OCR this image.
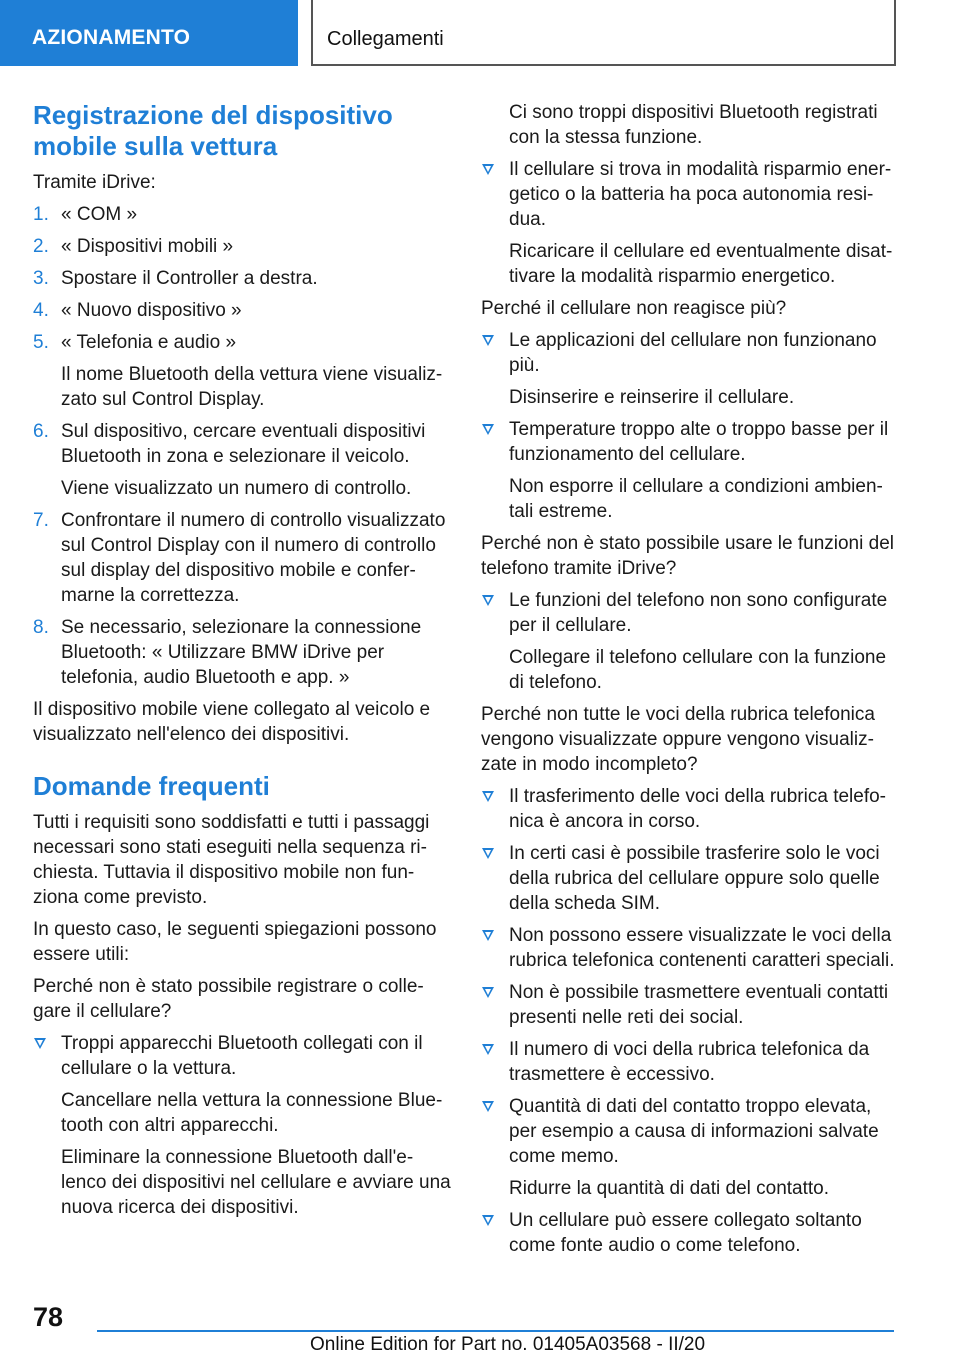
AZIONAMENTO	Collegamenti
Registrazione del dispositivo mobile sulla vettura

Tramite iDrive:

1. « COM »
2. « Dispositivi mobili »
3. Spostare il Controller a destra.
4. « Nuovo dispositivo »
5. « Telefonia e audio »
Il nome Bluetooth della vettura viene visualiz-zato sul Control Display.
6. Sul dispositivo, cercare eventuali dispositivi Bluetooth in zona e selezionare il veicolo.
Viene visualizzato un numero di controllo.
7. Confrontare il numero di controllo visualizzato sul Control Display con il numero di controllo sul display del dispositivo mobile e confer-marne la correttezza.
8. Se necessario, selezionare la connessione Bluetooth: « Utilizzare BMW iDrive per telefonia, audio Bluetooth e app. »

Il dispositivo mobile viene collegato al veicolo e visualizzato nell'elenco dei dispositivi.

Domande frequenti

Tutti i requisiti sono soddisfatti e tutti i passaggi necessari sono stati eseguiti nella sequenza ri-chiesta. Tuttavia il dispositivo mobile non fun-ziona come previsto.

In questo caso, le seguenti spiegazioni possono essere utili:

Perché non è stato possibile registrare o colle-gare il cellulare?

Troppi apparecchi Bluetooth collegati con il cellulare o la vettura.
Cancellare nella vettura la connessione Blue-tooth con altri apparecchi.
Eliminare la connessione Bluetooth dall'e-lenco dei dispositivi nel cellulare e avviare una nuova ricerca dei dispositivi.

Ci sono troppi dispositivi Bluetooth registrati con la stessa funzione.

Il cellulare si trova in modalità risparmio ener-getico o la batteria ha poca autonomia resi-dua.
Ricaricare il cellulare ed eventualmente disat-tivare la modalità risparmio energetico.

Perché il cellulare non reagisce più?

Le applicazioni del cellulare non funzionano più.
Disinserire e reinserire il cellulare.
Temperature troppo alte o troppo basse per il funzionamento del cellulare.
Non esporre il cellulare a condizioni ambien-tali estreme.

Perché non è stato possibile usare le funzioni del telefono tramite iDrive?

Le funzioni del telefono non sono configurate per il cellulare.
Collegare il telefono cellulare con la funzione di telefono.

Perché non tutte le voci della rubrica telefonica vengono visualizzate oppure vengono visualiz-zate in modo incompleto?

Il trasferimento delle voci della rubrica telefo-nica è ancora in corso.
In certi casi è possibile trasferire solo le voci della rubrica del cellulare oppure solo quelle della scheda SIM.
Non possono essere visualizzate le voci della rubrica telefonica contenenti caratteri speciali.
Non è possibile trasmettere eventuali contatti presenti nelle reti dei social.
Il numero di voci della rubrica telefonica da trasmettere è eccessivo.
Quantità di dati del contatto troppo elevata, per esempio a causa di informazioni salvate come memo.
Ridurre la quantità di dati del contatto.
Un cellulare può essere collegato soltanto come fonte audio o come telefono.
78
Online Edition for Part no. 01405A03568 - II/20
